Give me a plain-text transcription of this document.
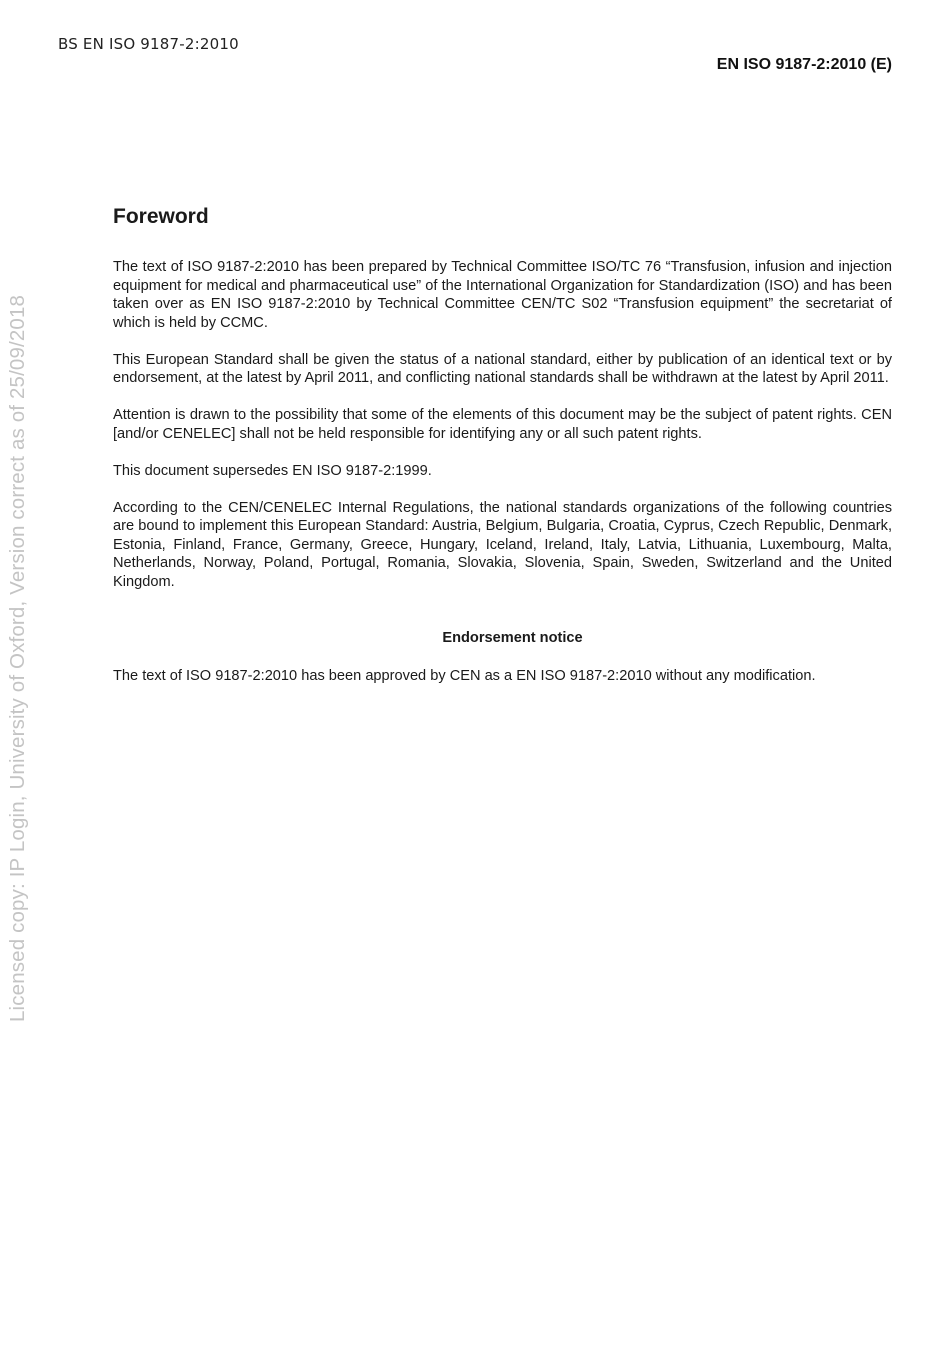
BS EN ISO 9187-2:2010
EN ISO 9187-2:2010 (E)
Licensed copy: IP Login, University of Oxford, Version correct as of 25/09/2018
Foreword

The text of ISO 9187-2:2010 has been prepared by Technical Committee ISO/TC 76 “Transfusion, infusion and injection equipment for medical and pharmaceutical use” of the International Organization for Standardization (ISO) and has been taken over as EN ISO 9187-2:2010 by Technical Committee CEN/TC S02 “Transfusion equipment” the secretariat of which is held by CCMC.

This European Standard shall be given the status of a national standard, either by publication of an identical text or by endorsement, at the latest by April 2011, and conflicting national standards shall be withdrawn at the latest by April 2011.

Attention is drawn to the possibility that some of the elements of this document may be the subject of patent rights. CEN [and/or CENELEC] shall not be held responsible for identifying any or all such patent rights.

This document supersedes EN ISO 9187-2:1999.

According to the CEN/CENELEC Internal Regulations, the national standards organizations of the following countries are bound to implement this European Standard: Austria, Belgium, Bulgaria, Croatia, Cyprus, Czech Republic, Denmark, Estonia, Finland, France, Germany, Greece, Hungary, Iceland, Ireland, Italy, Latvia, Lithuania, Luxembourg, Malta, Netherlands, Norway, Poland, Portugal, Romania, Slovakia, Slovenia, Spain, Sweden, Switzerland and the United Kingdom.

Endorsement notice

The text of ISO 9187-2:2010 has been approved by CEN as a EN ISO 9187-2:2010 without any modification.
